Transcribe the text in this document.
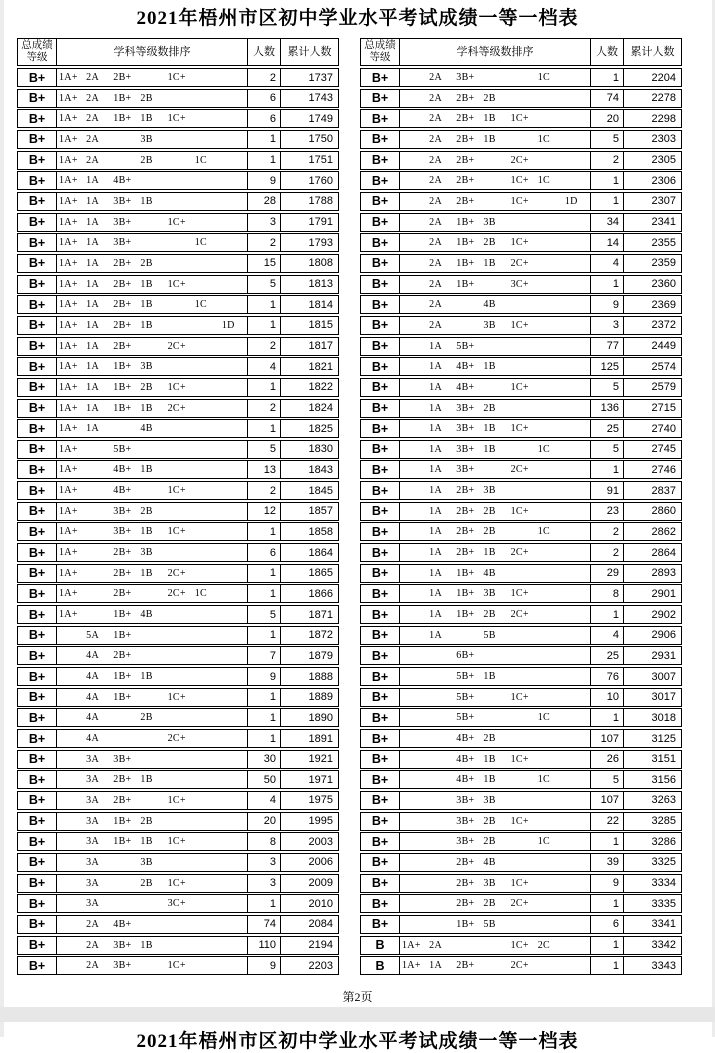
2021年梧州市区初中学业水平考试成绩一等一档表
总成绩
等级	学科等级数排序	人数	累计人数
B+	1A+ 2A	2B+	1C+	2	1737
B+	1A+ 2A	1B+ 2B	6	1743
B+	1A+ 2A	1B+ 1B	1C+	6	1749
B+	1A+ 2A	3B	1	1750
B+	1A+ 2A	2B	1C	1	1751
B+	1A+ 1A	4B+	9	1760
B+	1A+ 1A	3B+ 1B	28	1788
B+	1A+ 1A	3B+	1C+	3	1791
B+	1A+ 1A	3B+	1C	2	1793
B+	1A+ 1A	2B+ 2B	15	1808
B+	1A+ 1A	2B+ 1B	1C+	5	1813
B+	1A+ 1A	2B+ 1B	1C	1	1814
B+	1A+ 1A	2B+ 1B	1D	1	1815
B+	1A+ 1A	2B+	2C+	2	1817
B+	1A+ 1A	1B+ 3B	4	1821
B+	1A+ 1A	1B+ 2B	1C+	1	1822
B+	1A+ 1A	1B+ 1B	2C+	2	1824
B+	1A+ 1A	4B	1	1825
B+	1A+	5B+	5	1830
B+	1A+	4B+ 1B	13	1843
B+	1A+	4B+	1C+	2	1845
B+	1A+	3B+ 2B	12	1857
B+	1A+	3B+ 1B	1C+	1	1858
B+	1A+	2B+ 3B	6	1864
B+	1A+	2B+ 1B	2C+	1	1865
B+	1A+	2B+	2C+ 1C	1	1866
B+	1A+	1B+ 4B	5	1871
B+	5A	1B+	1	1872
B+	4A	2B+	7	1879
B+	4A	1B+ 1B	9	1888
B+	4A	1B+	1C+	1	1889
B+	4A	2B	1	1890
B+	4A	2C+	1	1891
B+	3A	3B+	30	1921
B+	3A	2B+ 1B	50	1971
B+	3A	2B+	1C+	4	1975
B+	3A	1B+ 2B	20	1995
B+	3A	1B+ 1B	1C+	8	2003
B+	3A	3B	3	2006
B+	3A	2B	1C+	3	2009
B+	3A	3C+	1	2010
B+	2A	4B+	74	2084
B+	2A	3B+ 1B	110	2194
B+	2A	3B+	1C+	9	2203
总成绩
等级	学科等级数排序	人数	累计人数
B+	2A	3B+	1C	1	2204
B+	2A	2B+ 2B	74	2278
B+	2A	2B+ 1B	1C+	20	2298
B+	2A	2B+ 1B	1C	5	2303
B+	2A	2B+	2C+	2	2305
B+	2A	2B+	1C+ 1C	1	2306
B+	2A	2B+	1C+	1D	1	2307
B+	2A	1B+ 3B	34	2341
B+	2A	1B+ 2B	1C+	14	2355
B+	2A	1B+ 1B	2C+	4	2359
B+	2A	1B+	3C+	1	2360
B+	2A	4B	9	2369
B+	2A	3B	1C+	3	2372
B+	1A	5B+	77	2449
B+	1A	4B+ 1B	125	2574
B+	1A	4B+	1C+	5	2579
B+	1A	3B+ 2B	136	2715
B+	1A	3B+ 1B	1C+	25	2740
B+	1A	3B+ 1B	1C	5	2745
B+	1A	3B+	2C+	1	2746
B+	1A	2B+ 3B	91	2837
B+	1A	2B+ 2B	1C+	23	2860
B+	1A	2B+ 2B	1C	2	2862
B+	1A	2B+ 1B	2C+	2	2864
B+	1A	1B+ 4B	29	2893
B+	1A	1B+ 3B	1C+	8	2901
B+	1A	1B+ 2B	2C+	1	2902
B+	1A	5B	4	2906
B+	6B+	25	2931
B+	5B+ 1B	76	3007
B+	5B+	1C+	10	3017
B+	5B+	1C	1	3018
B+	4B+ 2B	107	3125
B+	4B+ 1B	1C+	26	3151
B+	4B+ 1B	1C	5	3156
B+	3B+ 3B	107	3263
B+	3B+ 2B	1C+	22	3285
B+	3B+ 2B	1C	1	3286
B+	2B+ 4B	39	3325
B+	2B+ 3B	1C+	9	3334
B+	2B+ 2B	2C+	1	3335
B+	1B+ 5B	6	3341
B	1A+ 2A	1C+ 2C	1	3342
B	1A+ 1A	2B+	2C+	1	3343
第2页
2021年梧州市区初中学业水平考试成绩一等一档表
